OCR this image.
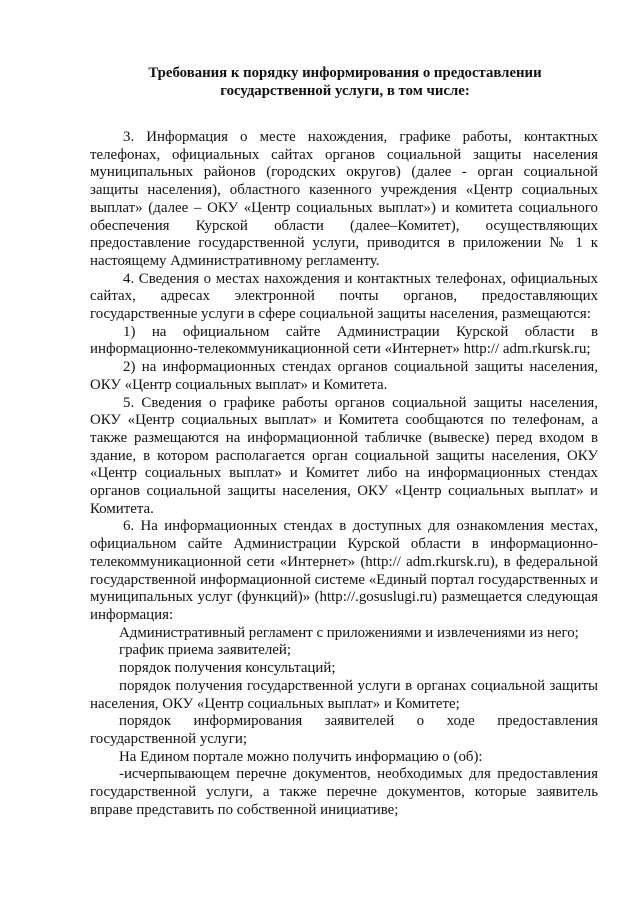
Требования к порядку информирования о предоставлении
государственной услуги, в том числе:

3. Информация о месте нахождения, графике работы, контактных телефонах, официальных сайтах органов социальной защиты населения муниципальных районов (городских округов) (далее - орган социальной защиты населения), областного казенного учреждения «Центр социальных выплат» (далее – ОКУ «Центр социальных выплат») и комитета социального обеспечения Курской области (далее–Комитет), осуществляющих предоставление государственной услуги, приводится в приложении № 1 к настоящему Административному регламенту.

4. Сведения о местах нахождения и контактных телефонах, официальных сайтах, адресах электронной почты органов, предоставляющих государственные услуги в сфере социальной защиты населения, размещаются:

1) на официальном сайте Администрации Курской области в информационно-телекоммуникационной сети «Интернет» http:// adm.rkursk.ru;

2) на информационных стендах органов социальной защиты населения, ОКУ «Центр социальных выплат» и Комитета.

5. Сведения о графике работы органов социальной защиты населения, ОКУ «Центр социальных выплат» и Комитета сообщаются по телефонам, а также размещаются на информационной табличке (вывеске) перед входом в здание, в котором располагается орган социальной защиты населения, ОКУ «Центр социальных выплат» и Комитет либо на информационных стендах органов социальной защиты населения, ОКУ «Центр социальных выплат» и Комитета.

6. На информационных стендах в доступных для ознакомления местах, официальном сайте Администрации Курской области в информационно-телекоммуникационной сети «Интернет» (http:// adm.rkursk.ru), в федеральной государственной информационной системе «Единый портал государственных и муниципальных услуг (функций)» (http://.gosuslugi.ru) размещается следующая информация:

Административный регламент с приложениями и извлечениями из него;

график приема заявителей;

порядок получения консультаций;

порядок получения государственной услуги в органах социальной защиты населения, ОКУ «Центр социальных выплат» и Комитете;

порядок информирования заявителей о ходе предоставления государственной услуги;

На Едином портале можно получить информацию о (об):

-исчерпывающем перечне документов, необходимых для предоставления государственной услуги, а также перечне документов, которые заявитель вправе представить по собственной инициативе;
